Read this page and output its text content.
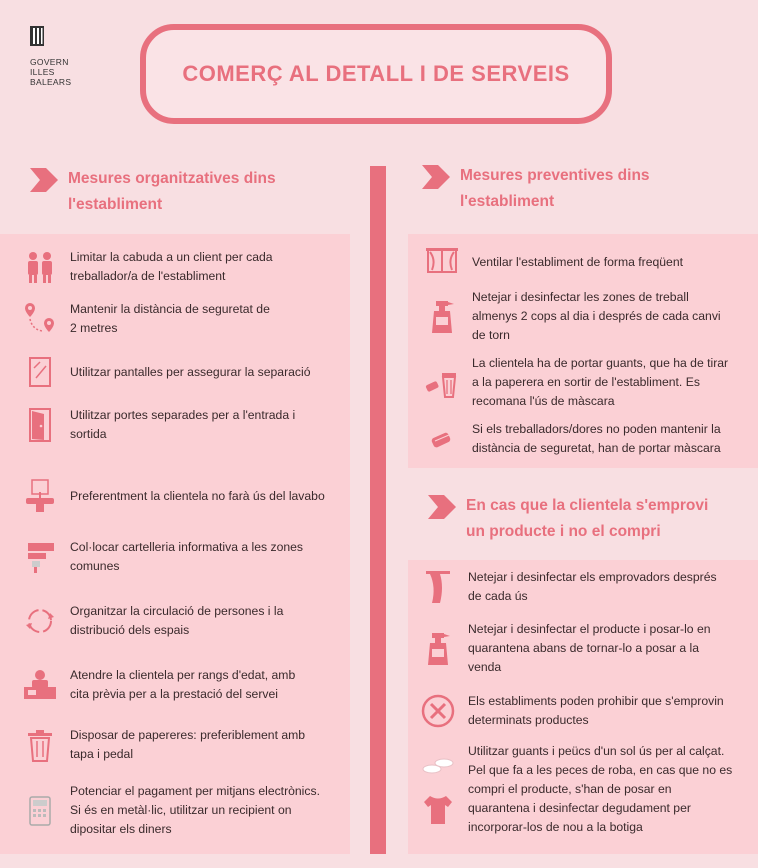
GOVERN
ILLES
BALEARS	COMERÇ AL DETALL I DE SERVEIS
Mesures organitzatives dins
l'establiment
Mesures preventives dins
l'establiment
En cas que la clientela s'emprovi
un producte i no el compri
Limitar la cabuda a un client per cada
treballador/a de l'establiment
Mantenir la distància de seguretat de
2 metres
Utilitzar pantalles per assegurar la separació
Utilitzar portes separades per a l'entrada i
sortida
Preferentment la clientela no farà ús del lavabo
Col·locar cartelleria informativa a les zones
comunes
Organitzar la circulació de persones i la
distribució dels espais
Atendre la clientela per rangs d'edat, amb
cita prèvia per a la prestació del servei
Disposar de papereres: preferiblement amb
tapa i pedal
Potenciar el pagament per mitjans electrònics.
Si és en metàl·lic, utilitzar un recipient on
dipositar els diners
Ventilar l'establiment de forma freqüent
Netejar i desinfectar les zones de treball
almenys 2 cops al dia i després de cada canvi
de torn
La clientela ha de portar guants, que ha de tirar
a la paperera en sortir de l'establiment. Es
recomana l'ús de màscara
Si els treballadors/dores no poden mantenir la
distància de seguretat, han de portar màscara
Netejar i desinfectar els emprovadors després
de cada ús
Netejar i desinfectar el producte i posar-lo en
quarantena abans de tornar-lo a posar a la
venda
Els establiments poden prohibir que s'emprovin
determinats productes
Utilitzar guants i peücs d'un sol ús per al calçat.
Pel que fa a les peces de roba, en cas que no es
compri el producte, s'han de posar en
quarantena i desinfectar degudament per
incorporar-los de nou a la botiga
